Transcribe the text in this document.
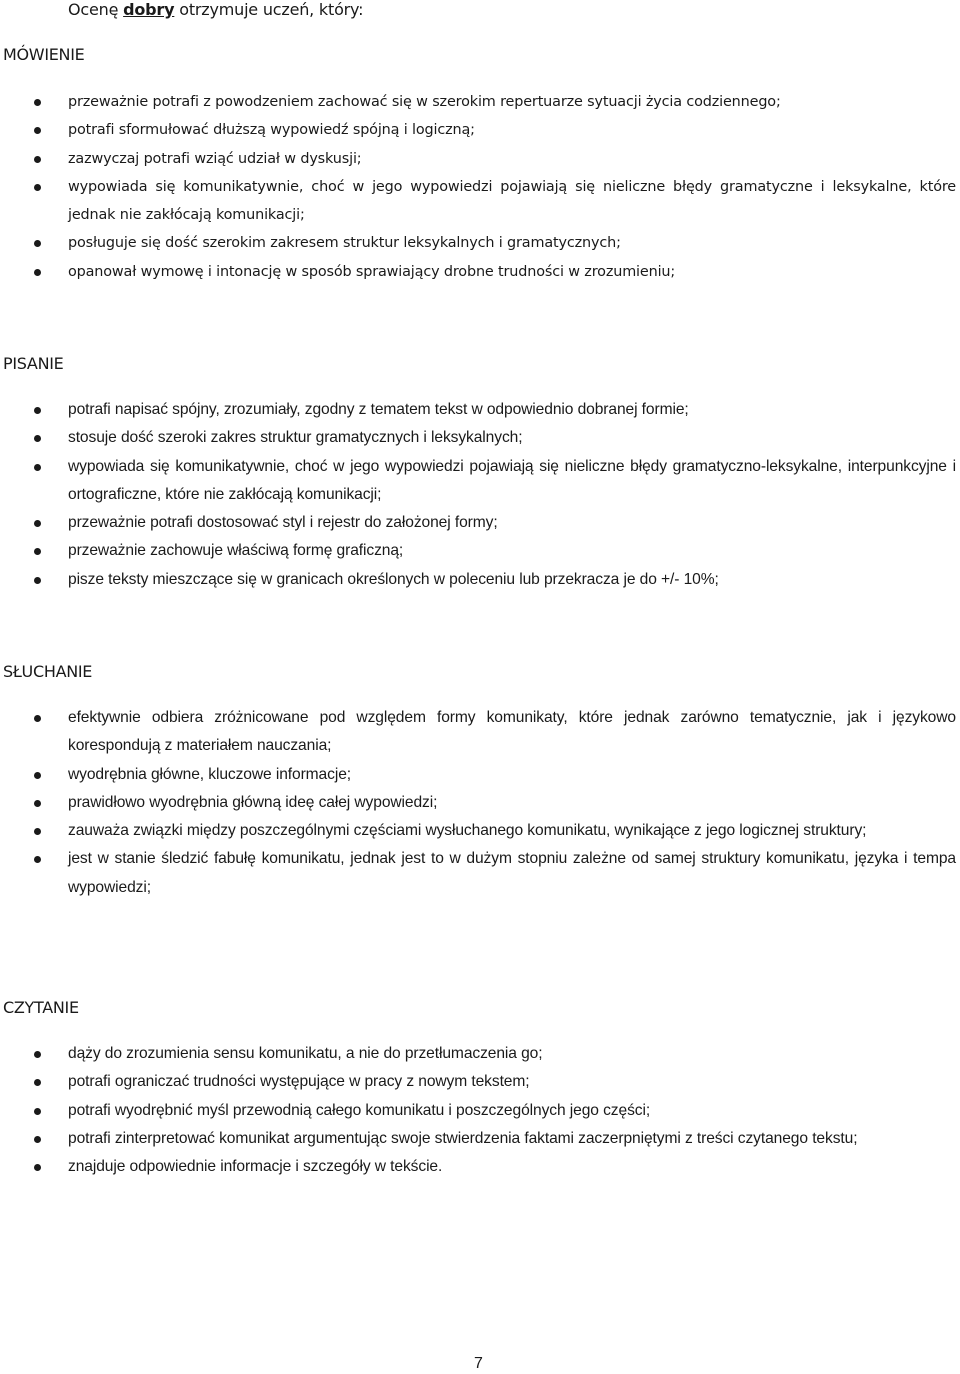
Ocenę dobry otrzymuje uczeń, który:
MÓWIENIE
przeważnie potrafi z powodzeniem zachować się w szerokim repertuarze sytuacji życia codziennego;
potrafi sformułować dłuższą wypowiedź spójną i logiczną;
zazwyczaj potrafi wziąć udział w dyskusji;
wypowiada się komunikatywnie, choć w jego wypowiedzi pojawiają się nieliczne błędy gramatyczne i leksykalne, które jednak nie zakłócają komunikacji;
posługuje się dość szerokim zakresem struktur leksykalnych i gramatycznych;
opanował wymowę i intonację w sposób sprawiający drobne trudności w zrozumieniu;
PISANIE
potrafi napisać spójny, zrozumiały, zgodny z tematem tekst w odpowiednio dobranej formie;
stosuje dość szeroki zakres struktur gramatycznych i leksykalnych;
wypowiada się komunikatywnie, choć w jego wypowiedzi pojawiają się nieliczne błędy gramatyczno-leksykalne, interpunkcyjne i ortograficzne, które nie zakłócają komunikacji;
przeważnie potrafi dostosować styl i rejestr do założonej formy;
przeważnie zachowuje właściwą formę graficzną;
pisze teksty mieszczące się w granicach określonych w poleceniu lub przekracza je do +/- 10%;
SŁUCHANIE
efektywnie odbiera zróżnicowane pod względem formy komunikaty, które jednak zarówno tematycznie, jak i językowo korespondują z materiałem nauczania;
wyodrębnia główne, kluczowe informacje;
prawidłowo wyodrębnia główną ideę całej wypowiedzi;
zauważa związki między poszczególnymi częściami wysłuchanego komunikatu, wynikające z jego logicznej struktury;
jest w stanie śledzić fabułę komunikatu, jednak jest to w dużym stopniu zależne od samej struktury komunikatu, języka i tempa wypowiedzi;
CZYTANIE
dąży do zrozumienia sensu komunikatu, a nie do przetłumaczenia go;
potrafi ograniczać trudności występujące w pracy z nowym tekstem;
potrafi wyodrębnić myśl przewodnią całego komunikatu i poszczególnych jego części;
potrafi zinterpretować komunikat argumentując swoje stwierdzenia faktami zaczerpniętymi z treści czytanego tekstu;
znajduje odpowiednie informacje i szczegóły w tekście.
7
